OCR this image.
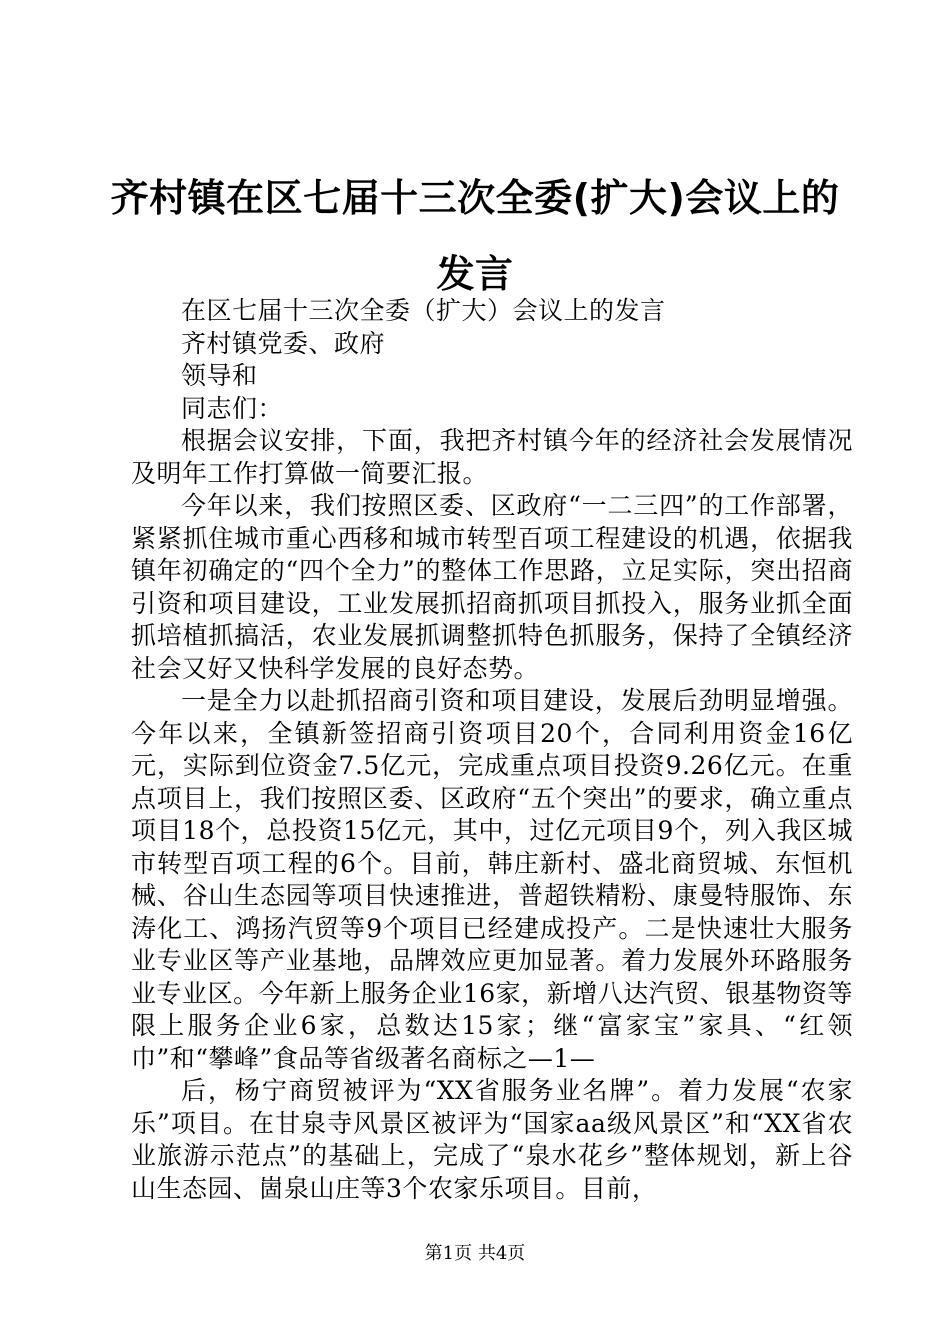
齐村镇在区七届十三次全委(扩大)会议上的发言

在区七届十三次全委（扩大）会议上的发言

齐村镇党委、政府

领导和

同志们：

根据会议安排，下面，我把齐村镇今年的经济社会发展情况及明年工作打算做一简要汇报。

今年以来，我们按照区委、区政府“一二三四”的工作部署，紧紧抓住城市重心西移和城市转型百项工程建设的机遇，依据我镇年初确定的“四个全力”的整体工作思路，立足实际，突出招商引资和项目建设，工业发展抓招商抓项目抓投入，服务业抓全面抓培植抓搞活，农业发展抓调整抓特色抓服务，保持了全镇经济社会又好又快科学发展的良好态势。

一是全力以赴抓招商引资和项目建设，发展后劲明显增强。今年以来，全镇新签招商引资项目20个，合同利用资金16亿元，实际到位资金7.5亿元，完成重点项目投资9.26亿元。在重点项目上，我们按照区委、区政府“五个突出”的要求，确立重点项目18个，总投资15亿元，其中，过亿元项目9个，列入我区城市转型百项工程的6个。目前，韩庄新村、盛北商贸城、东恒机械、谷山生态园等项目快速推进，普超铁精粉、康曼特服饰、东涛化工、鸿扬汽贸等9个项目已经建成投产。二是快速壮大服务业专业区等产业基地，品牌效应更加显著。着力发展外环路服务业专业区。今年新上服务企业16家，新增八达汽贸、银基物资等限上服务企业6家，总数达15家；继“富家宝”家具、“红领巾”和“攀峰”食品等省级著名商标之—1—

后，杨宁商贸被评为“XX省服务业名牌”。着力发展“农家乐”项目。在甘泉寺风景区被评为“国家aa级风景区”和“XX省农业旅游示范点”的基础上，完成了“泉水花乡”整体规划，新上谷山生态园、崮泉山庄等3个农家乐项目。目前，

第1页 共4页
